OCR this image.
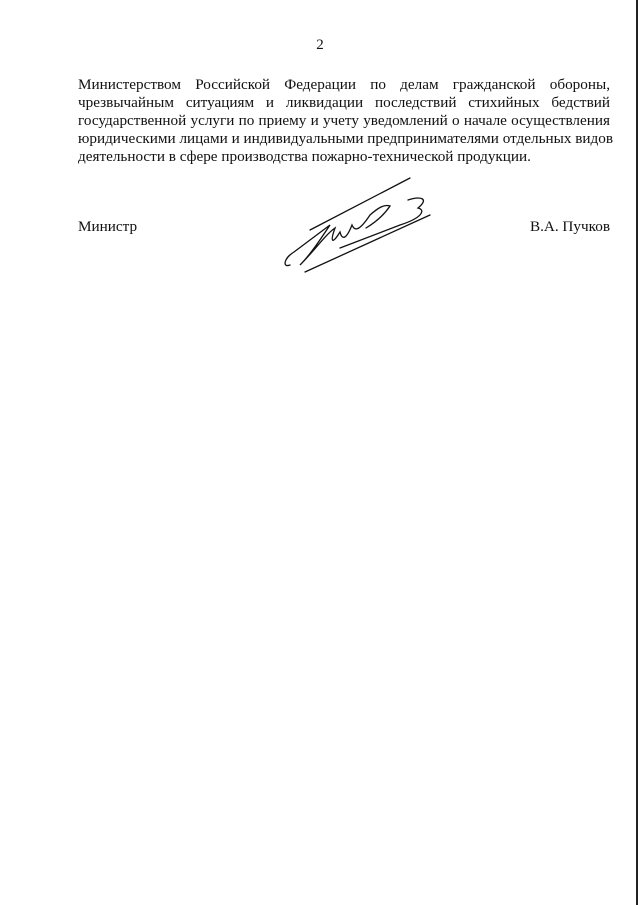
2
Министерством Российской Федерации по делам гражданской обороны,
чрезвычайным ситуациям и ликвидации последствий стихийных бедствий
государственной услуги по приему и учету уведомлений о начале осуществления
юридическими лицами и индивидуальными предпринимателями отдельных видов
деятельности в сфере производства пожарно-технической продукции.
Министр	В.А. Пучков
